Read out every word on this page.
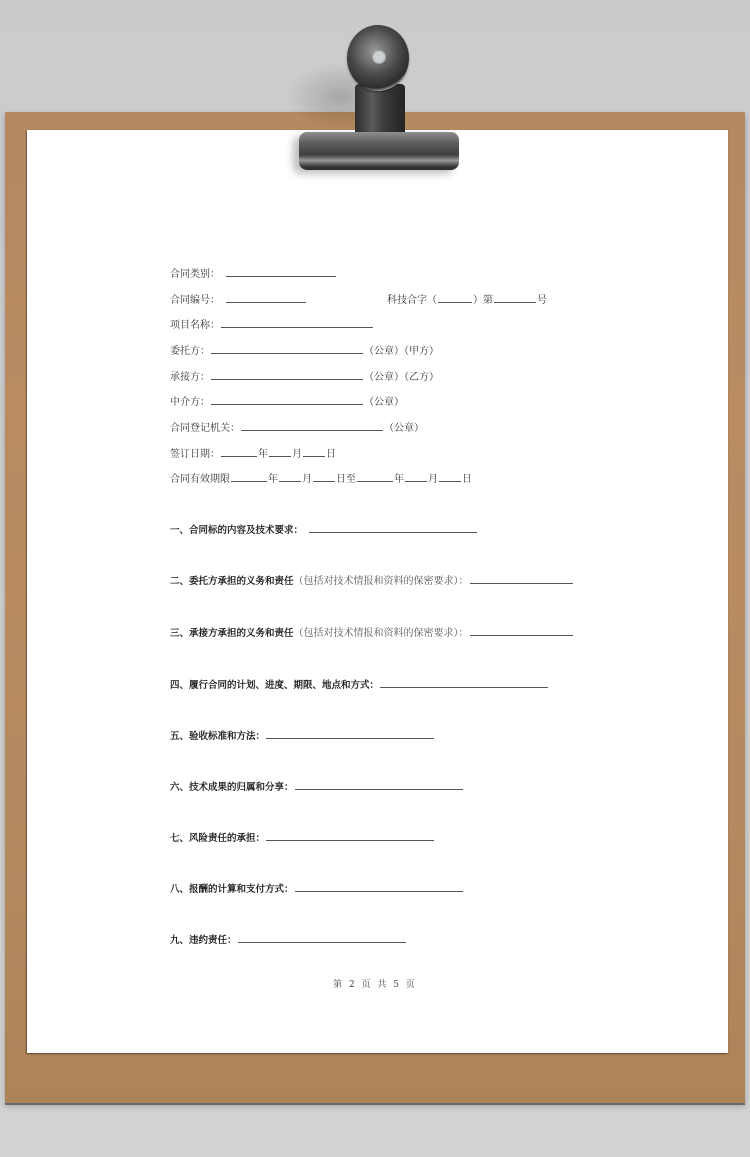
合同类别：
合同编号：	科技合字（	）第	号
项目名称：
委托方：	（公章）（甲方）
承接方：	（公章）（乙方）
中介方：	（公章）
合同登记机关：	（公章）
签订日期：	年 月 日
合同有效期限	年 月 日至	年 月 日
一、合同标的内容及技术要求：
二、委托方承担的义务和责任（包括对技术情报和资料的保密要求）：
三、承接方承担的义务和责任（包括对技术情报和资料的保密要求）：
四、履行合同的计划、进度、期限、地点和方式：
五、验收标准和方法：
六、技术成果的归属和分享：
七、风险责任的承担：
八、报酬的计算和支付方式：
九、违约责任：
第 2 页 共 5 页
